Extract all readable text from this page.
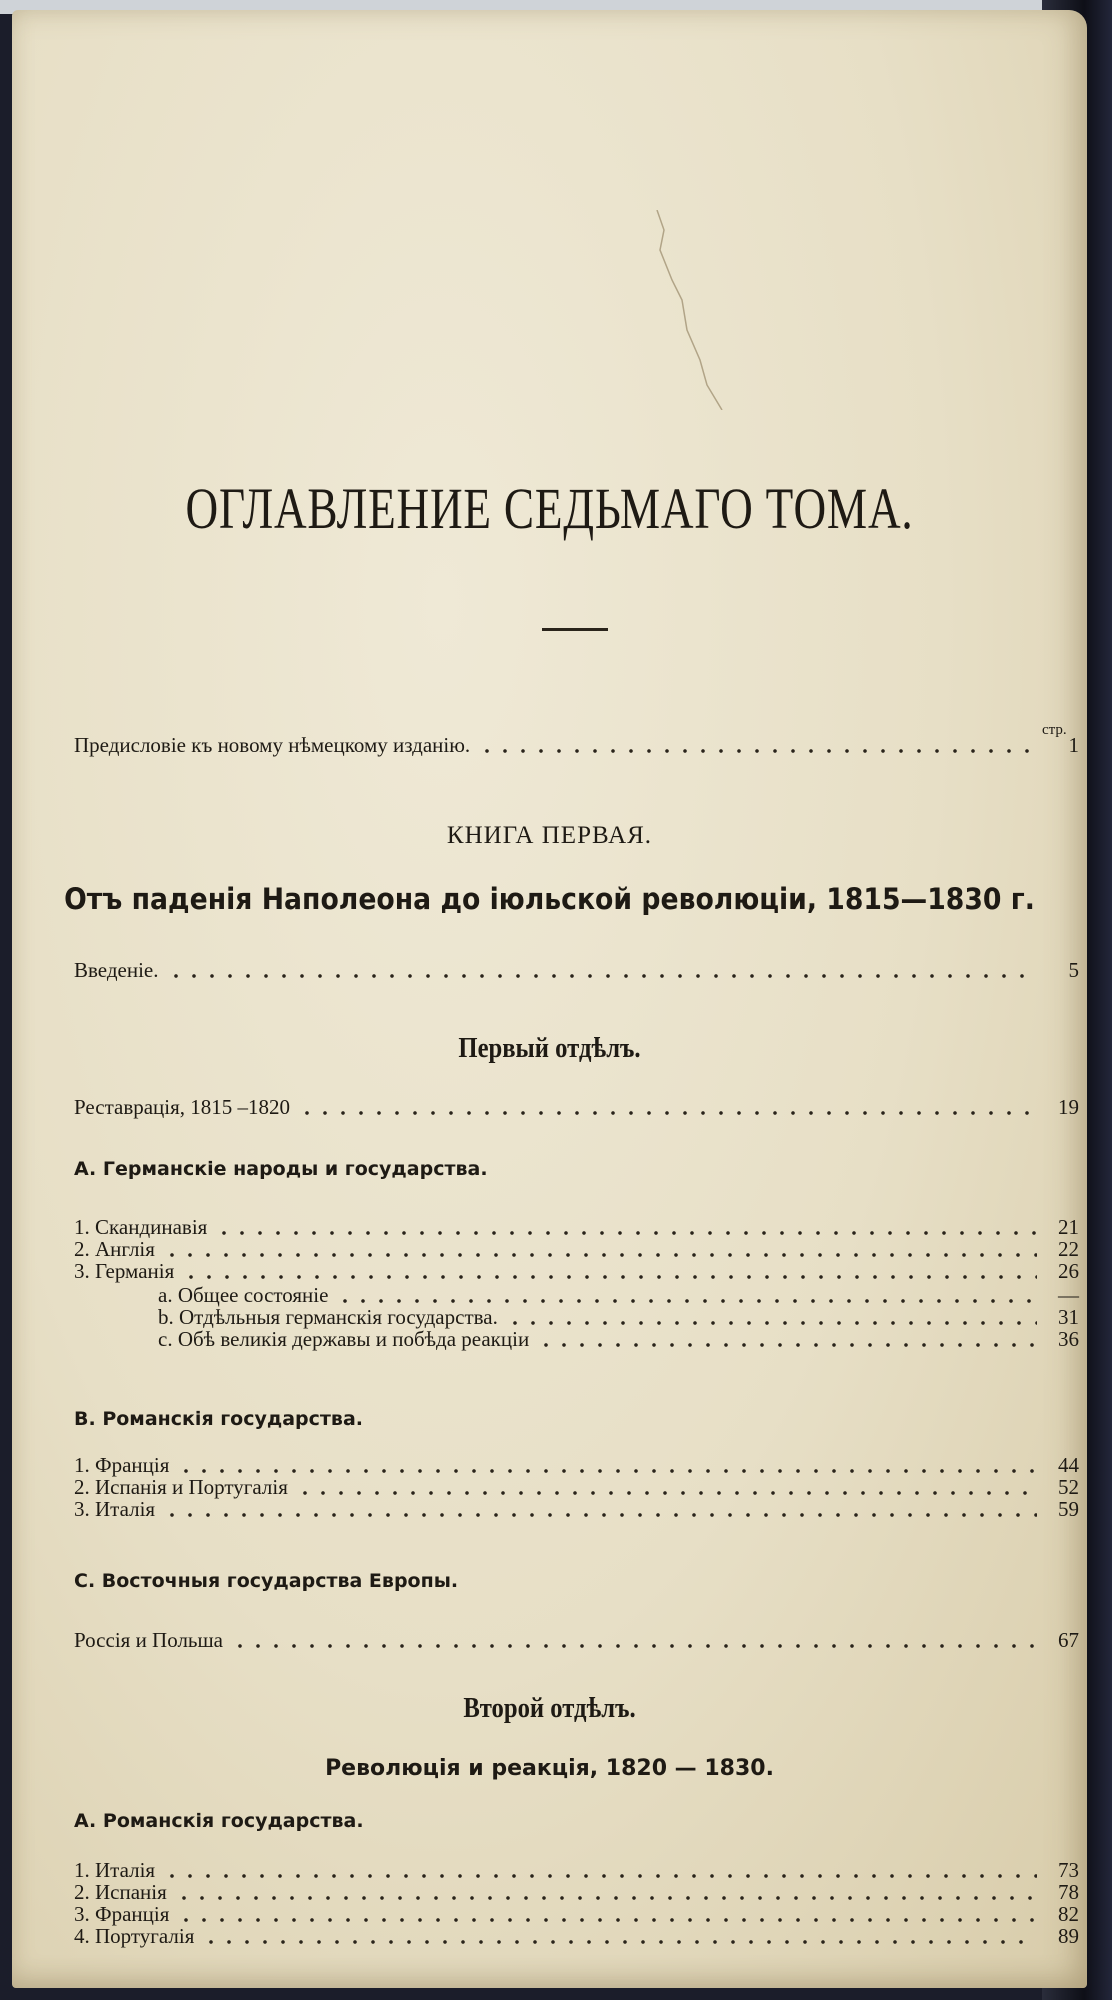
ОГЛАВЛЕНИЕ СЕДЬМАГО ТОМА.
стр.
Предисловіе къ новому нѣмецкому изданію.	1
КНИГА ПЕРВАЯ.
Отъ паденія Наполеона до іюльской революціи, 1815—1830 г.
Введеніе.	5
Первый отдѣлъ.
Реставрація, 1815 –1820	19
A. Германскіе народы и государства.
1. Скандинавія	21
2. Англія	22
3. Германія	26
a. Общее состояніе	—
b. Отдѣльныя германскія государства.	31
c. Обѣ великія державы и побѣда реакціи	36
B. Романскія государства.
1. Франція	44
2. Испанія и Португалія	52
3. Италія	59
C. Восточныя государства Европы.
Россія и Польша	67
Второй отдѣлъ.
Революція и реакція, 1820 — 1830.
A. Романскія государства.
1. Италія	73
2. Испанія	78
3. Франція	82
4. Португалія	89
